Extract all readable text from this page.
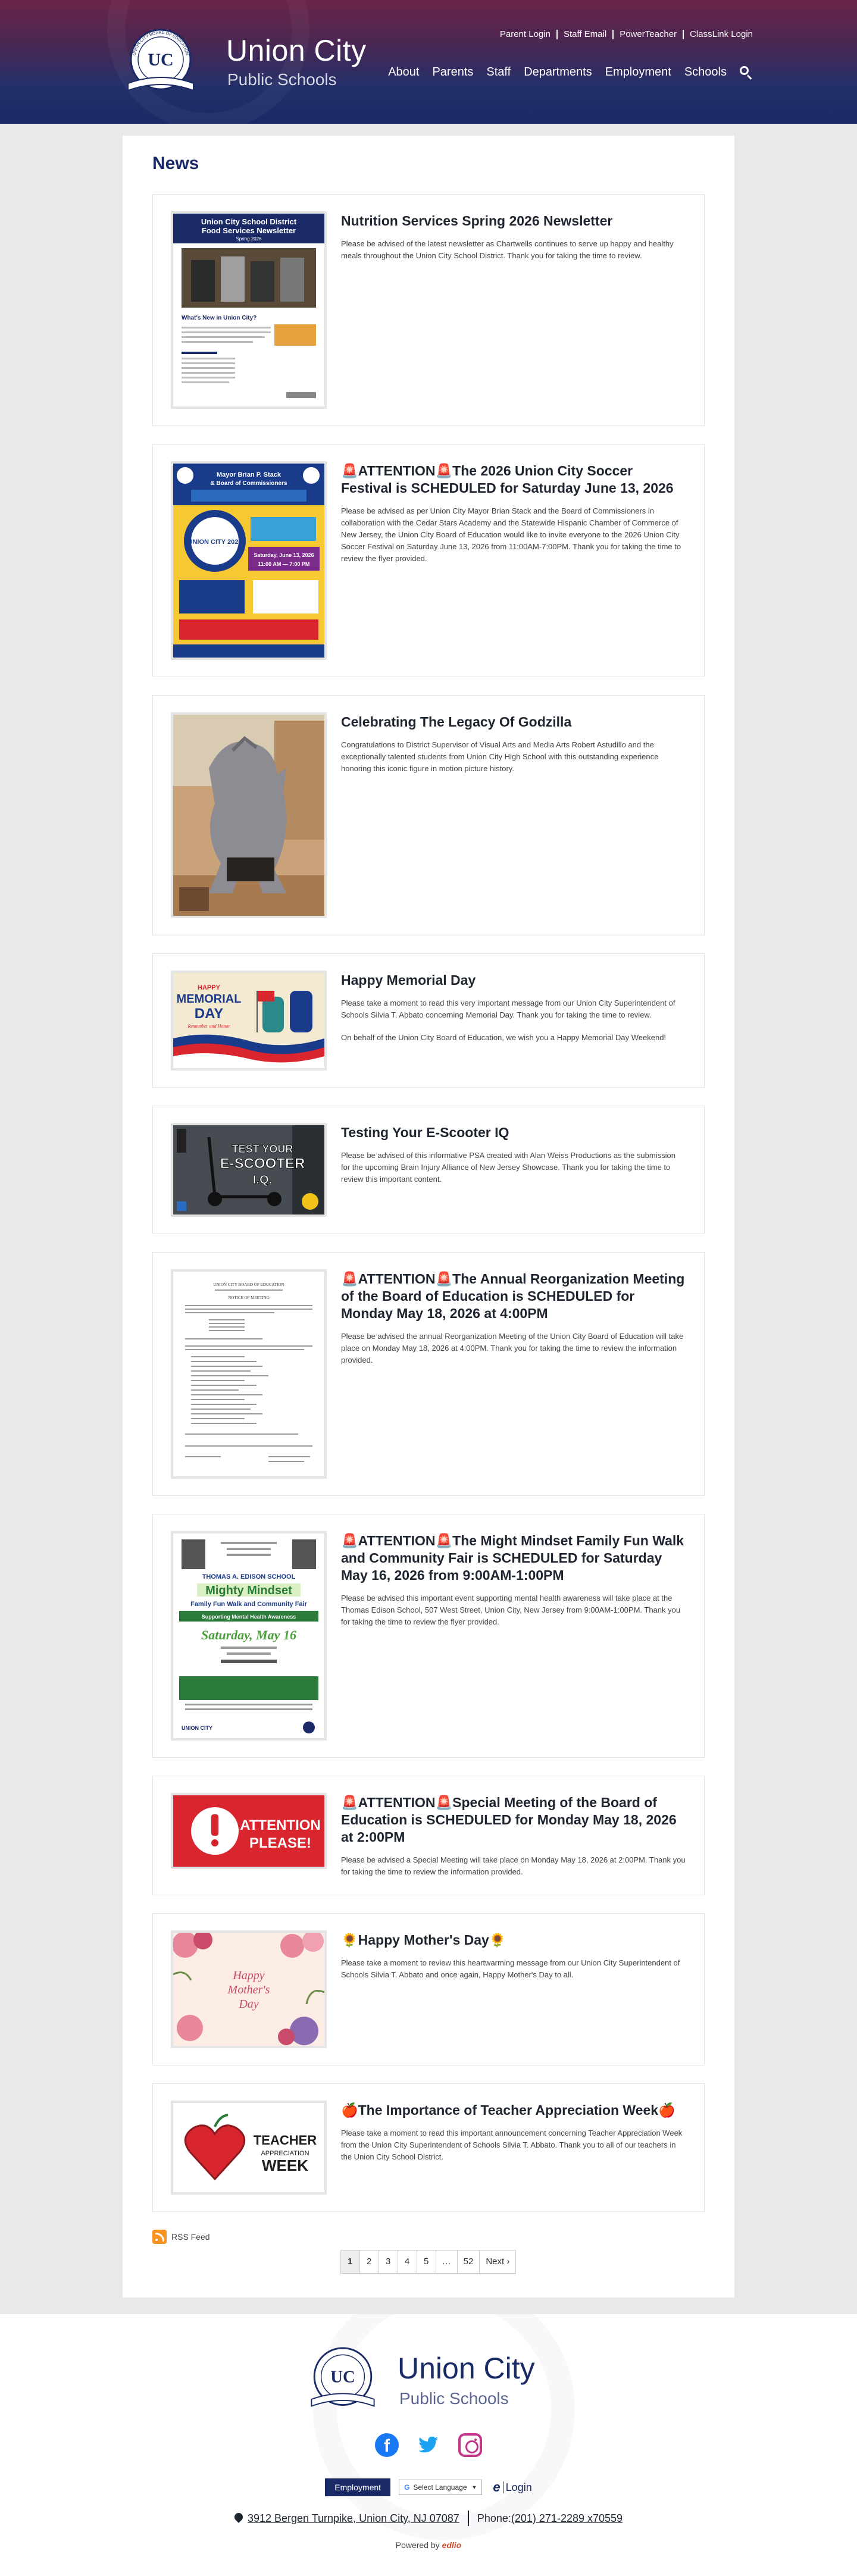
UC
UNION CITY BOARD OF EDUCATION Union City
Public Schools
Parent Login	Staff Email	PowerTeacher	ClassLink Login
About Parents Staff Departments Employment Schools
News
Union City School District
Food Services Newsletter
Spring 2026
What's New in Union City?
Nutrition Services Spring 2026 Newsletter

Please be advised of the latest newsletter as Chartwells continues to serve up happy and healthy meals throughout the Union City School District. Thank you for taking the time to review.

Mayor Brian P. Stack
& Board of Commissioners
UNION CITY 2026
Saturday, June 13, 2026
11:00 AM — 7:00 PM
🚨ATTENTION🚨The 2026 Union City Soccer Festival is SCHEDULED for Saturday June 13, 2026

Please be advised as per Union City Mayor Brian Stack and the Board of Commissioners in collaboration with the Cedar Stars Academy and the Statewide Hispanic Chamber of Commerce of New Jersey, the Union City Board of Education would like to invite everyone to the 2026 Union City Soccer Festival on Saturday June 13, 2026 from 11:00AM-7:00PM. Thank you for taking the time to review the flyer provided.

Celebrating The Legacy Of Godzilla

Congratulations to District Supervisor of Visual Arts and Media Arts Robert Astudillo and the exceptionally talented students from Union City High School with this outstanding experience honoring this iconic figure in motion picture history.

HAPPY
MEMORIAL
DAY
Remember and Honor
Happy Memorial Day

Please take a moment to read this very important message from our Union City Superintendent of Schools Silvia T. Abbato concerning Memorial Day. Thank you for taking the time to review.

On behalf of the Union City Board of Education, we wish you a Happy Memorial Day Weekend!

TEST YOUR
E-SCOOTER
I.Q.
Testing Your E-Scooter IQ

Please be advised of this informative PSA created with Alan Weiss Productions as the submission for the upcoming Brain Injury Alliance of New Jersey Showcase. Thank you for taking the time to review this important content.

UNION CITY BOARD OF EDUCATION
NOTICE OF MEETING
🚨ATTENTION🚨The Annual Reorganization Meeting of the Board of Education is SCHEDULED for Monday May 18, 2026 at 4:00PM

Please be advised the annual Reorganization Meeting of the Union City Board of Education will take place on Monday May 18, 2026 at 4:00PM. Thank you for taking the time to review the information provided.

THOMAS A. EDISON SCHOOL
Mighty Mindset
Family Fun Walk and Community Fair
Supporting Mental Health Awareness
Saturday, May 16
UNION CITY
🚨ATTENTION🚨The Might Mindset Family Fun Walk and Community Fair is SCHEDULED for Saturday May 16, 2026 from 9:00AM-1:00PM

Please be advised this important event supporting mental health awareness will take place at the Thomas Edison School, 507 West Street, Union City, New Jersey from 9:00AM-1:00PM. Thank you for taking the time to review the flyer provided.

ATTENTION
PLEASE!
🚨ATTENTION🚨Special Meeting of the Board of Education is SCHEDULED for Monday May 18, 2026 at 2:00PM

Please be advised a Special Meeting will take place on Monday May 18, 2026 at 2:00PM. Thank you for taking the time to review the information provided.

Happy
Mother's
Day
🌻Happy Mother's Day🌻

Please take a moment to review this heartwarming message from our Union City Superintendent of Schools Silvia T. Abbato and once again, Happy Mother's Day to all.

TEACHER
APPRECIATION
WEEK
🍎The Importance of Teacher Appreciation Week🍎

Please take a moment to read this important announcement concerning Teacher Appreciation Week from the Union City Superintendent of Schools Silvia T. Abbato. Thank you to all of our teachers in the Union City School District.

RSS Feed
1	2	3	4	5	…	52	Next ›
UC Union City
Public Schools
f
Employment	G Select Language ▼ e Login
3912 Bergen Turnpike, Union City, NJ 07087 Phone: (201) 271-2289 x70559
Powered by edlio
